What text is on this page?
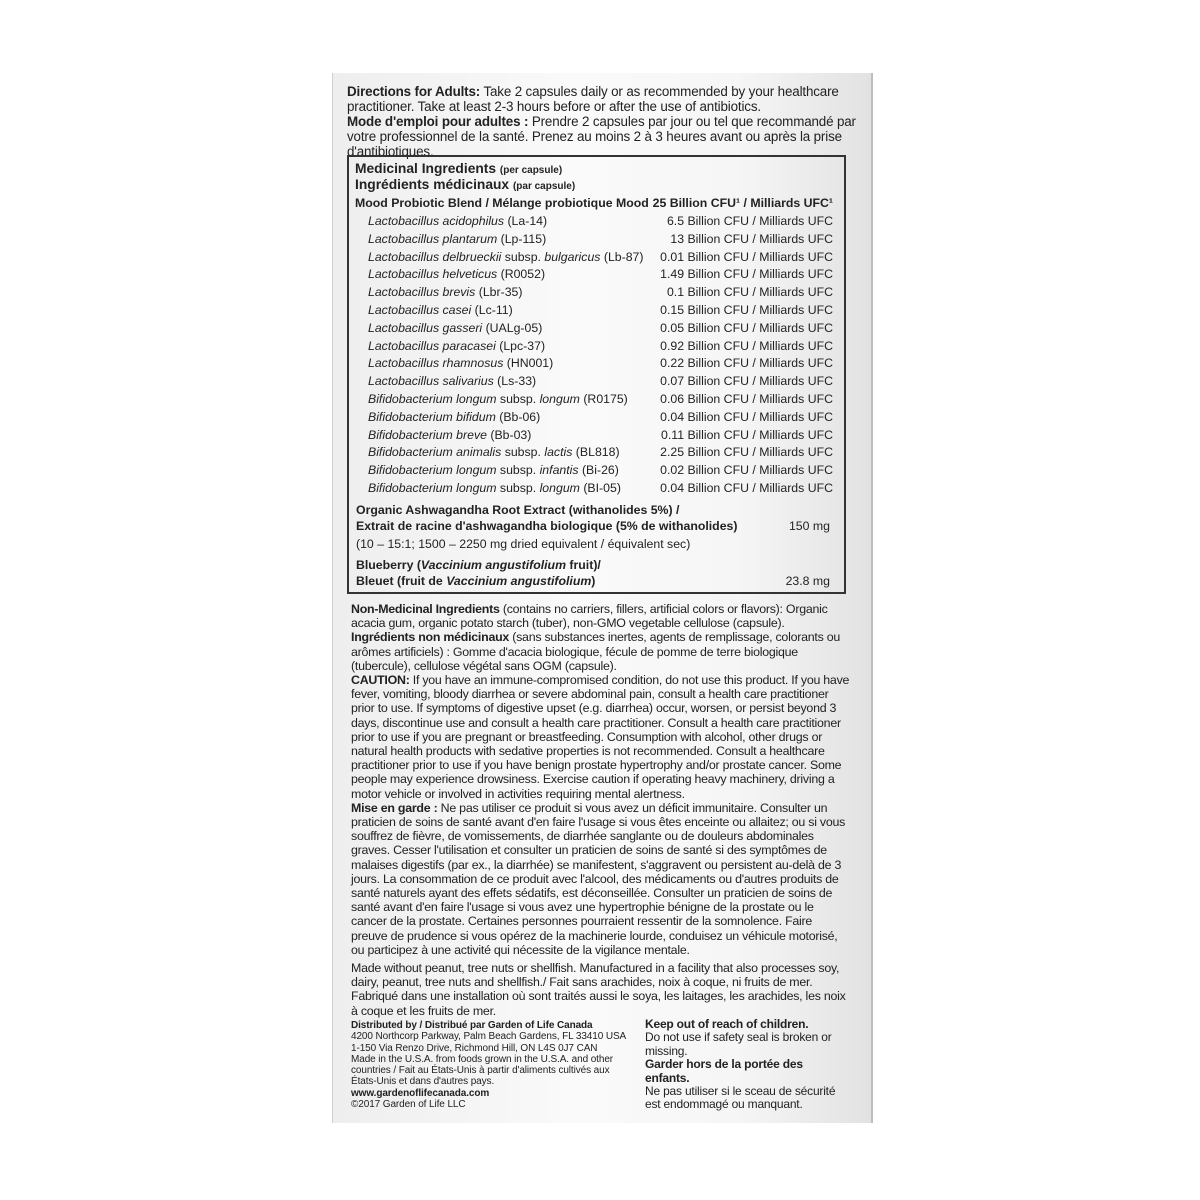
Directions for Adults: Take 2 capsules daily or as recommended by your healthcare practitioner. Take at least 2-3 hours before or after the use of antibiotics.
Mode d'emploi pour adultes : Prendre 2 capsules par jour ou tel que recommandé par votre professionnel de la santé. Prenez au moins 2 à 3 heures avant ou après la prise d'antibiotiques.
Medicinal Ingredients (per capsule)
Ingrédients médicinaux (par capsule)
Mood Probiotic Blend / Mélange probiotique Mood 25 Billion CFU¹ / Milliards UFC¹
Lactobacillus acidophilus (La-14)	6.5 Billion CFU / Milliards UFC
Lactobacillus plantarum (Lp-115)	13 Billion CFU / Milliards UFC
Lactobacillus delbrueckii subsp. bulgaricus (Lb-87) 0.01 Billion CFU / Milliards UFC
Lactobacillus helveticus (R0052)	1.49 Billion CFU / Milliards UFC
Lactobacillus brevis (Lbr-35)	0.1 Billion CFU / Milliards UFC
Lactobacillus casei (Lc-11)	0.15 Billion CFU / Milliards UFC
Lactobacillus gasseri (UALg-05)	0.05 Billion CFU / Milliards UFC
Lactobacillus paracasei (Lpc-37)	0.92 Billion CFU / Milliards UFC
Lactobacillus rhamnosus (HN001)	0.22 Billion CFU / Milliards UFC
Lactobacillus salivarius (Ls-33)	0.07 Billion CFU / Milliards UFC
Bifidobacterium longum subsp. longum (R0175)	0.06 Billion CFU / Milliards UFC
Bifidobacterium bifidum (Bb-06)	0.04 Billion CFU / Milliards UFC
Bifidobacterium breve (Bb-03)	0.11 Billion CFU / Milliards UFC
Bifidobacterium animalis subsp. lactis (BL818)	2.25 Billion CFU / Milliards UFC
Bifidobacterium longum subsp. infantis (Bi-26)	0.02 Billion CFU / Milliards UFC
Bifidobacterium longum subsp. longum (BI-05)	0.04 Billion CFU / Milliards UFC
Organic Ashwagandha Root Extract (withanolides 5%) /
Extrait de racine d'ashwagandha biologique (5% de withanolides)	150 mg
(10 – 15:1; 1500 – 2250 mg dried equivalent / équivalent sec)
Blueberry (Vaccinium angustifolium fruit)/
Bleuet (fruit de Vaccinium angustifolium)	23.8 mg
Non-Medicinal Ingredients (contains no carriers, fillers, artificial colors or flavors): Organic acacia gum, organic potato starch (tuber), non-GMO vegetable cellulose (capsule).
Ingrédients non médicinaux (sans substances inertes, agents de remplissage, colorants ou arômes artificiels) : Gomme d'acacia biologique, fécule de pomme de terre biologique (tubercule), cellulose végétal sans OGM (capsule).
CAUTION: If you have an immune-compromised condition, do not use this product. If you have fever, vomiting, bloody diarrhea or severe abdominal pain, consult a health care practitioner prior to use. If symptoms of digestive upset (e.g. diarrhea) occur, worsen, or persist beyond 3 days, discontinue use and consult a health care practitioner. Consult a health care practitioner prior to use if you are pregnant or breastfeeding. Consumption with alcohol, other drugs or natural health products with sedative properties is not recommended. Consult a healthcare practitioner prior to use if you have benign prostate hypertrophy and/or prostate cancer. Some people may experience drowsiness. Exercise caution if operating heavy machinery, driving a motor vehicle or involved in activities requiring mental alertness.
Mise en garde : Ne pas utiliser ce produit si vous avez un déficit immunitaire. Consulter un praticien de soins de santé avant d'en faire l'usage si vous êtes enceinte ou allaitez; ou si vous souffrez de fièvre, de vomissements, de diarrhée sanglante ou de douleurs abdominales graves. Cesser l'utilisation et consulter un praticien de soins de santé si des symptômes de malaises digestifs (par ex., la diarrhée) se manifestent, s'aggravent ou persistent au-delà de 3 jours. La consommation de ce produit avec l'alcool, des médicaments ou d'autres produits de santé naturels ayant des effets sédatifs, est déconseillée. Consulter un praticien de soins de santé avant d'en faire l'usage si vous avez une hypertrophie bénigne de la prostate ou le cancer de la prostate. Certaines personnes pourraient ressentir de la somnolence. Faire preuve de prudence si vous opérez de la machinerie lourde, conduisez un véhicule motorisé, ou participez à une activité qui nécessite de la vigilance mentale.
Made without peanut, tree nuts or shellfish. Manufactured in a facility that also processes soy, dairy, peanut, tree nuts and shellfish./ Fait sans arachides, noix à coque, ni fruits de mer. Fabriqué dans une installation où sont traités aussi le soya, les laitages, les arachides, les noix à coque et les fruits de mer.
Distributed by / Distribué par Garden of Life Canada
4200 Northcorp Parkway, Palm Beach Gardens, FL 33410 USA
1-150 Via Renzo Drive, Richmond Hill, ON L4S 0J7 CAN
Made in the U.S.A. from foods grown in the U.S.A. and other
countries / Fait au États-Unis à partir d'aliments cultivés aux
États-Unis et dans d'autres pays. www.gardenoflifecanada.com
©2017 Garden of Life LLC
Keep out of reach of children.
Do not use if safety seal is broken or missing.
Garder hors de la portée des enfants.
Ne pas utiliser si le sceau de sécurité est endommagé ou manquant.
